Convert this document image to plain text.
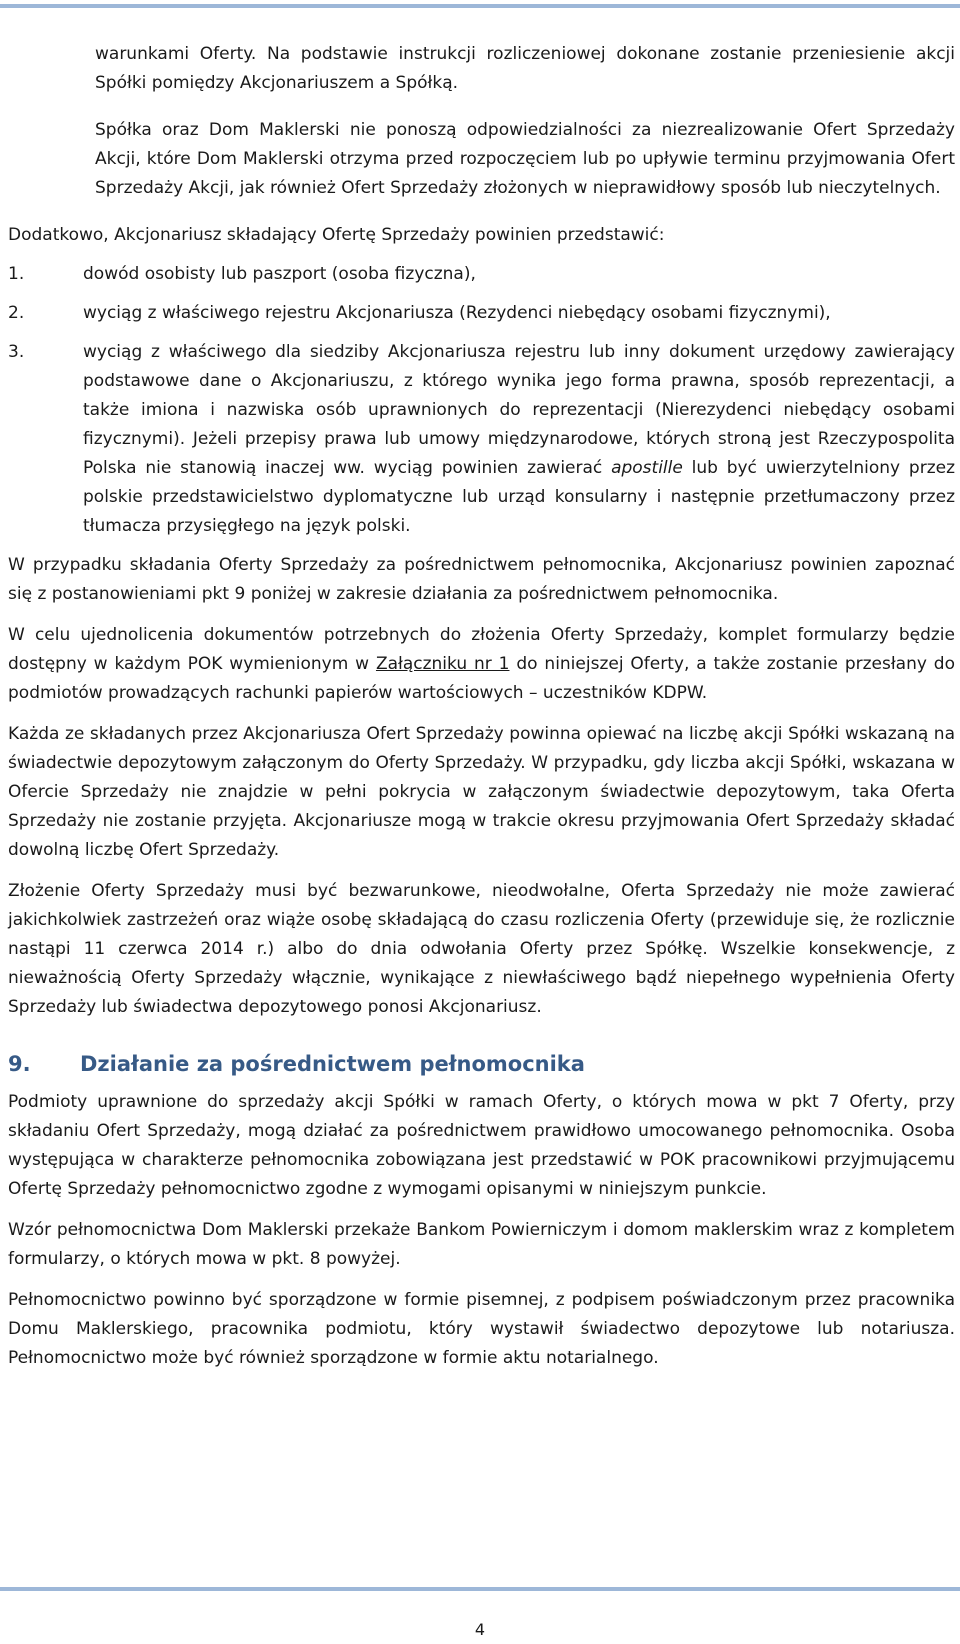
warunkami Oferty. Na podstawie instrukcji rozliczeniowej dokonane zostanie przeniesienie akcji Spółki pomiędzy Akcjonariuszem a Spółką.

Spółka oraz Dom Maklerski nie ponoszą odpowiedzialności za niezrealizowanie Ofert Sprzedaży Akcji, które Dom Maklerski otrzyma przed rozpoczęciem lub po upływie terminu przyjmowania Ofert Sprzedaży Akcji, jak również Ofert Sprzedaży złożonych w nieprawidłowy sposób lub nieczytelnych.

Dodatkowo, Akcjonariusz składający Ofertę Sprzedaży powinien przedstawić:

1.	dowód osobisty lub paszport (osoba fizyczna),
2.	wyciąg z właściwego rejestru Akcjonariusza (Rezydenci niebędący osobami fizycznymi),
3.	wyciąg z właściwego dla siedziby Akcjonariusza rejestru lub inny dokument urzędowy zawierający podstawowe dane o Akcjonariuszu, z którego wynika jego forma prawna, sposób reprezentacji, a także imiona i nazwiska osób uprawnionych do reprezentacji (Nierezydenci niebędący osobami fizycznymi). Jeżeli przepisy prawa lub umowy międzynarodowe, których stroną jest Rzeczypospolita Polska nie stanowią inaczej ww. wyciąg powinien zawierać apostille lub być uwierzytelniony przez polskie przedstawicielstwo dyplomatyczne lub urząd konsularny i następnie przetłumaczony przez tłumacza przysięgłego na język polski.

W przypadku składania Oferty Sprzedaży za pośrednictwem pełnomocnika, Akcjonariusz powinien zapoznać się z postanowieniami pkt 9 poniżej w zakresie działania za pośrednictwem pełnomocnika.

W celu ujednolicenia dokumentów potrzebnych do złożenia Oferty Sprzedaży, komplet formularzy będzie dostępny w każdym POK wymienionym w Załączniku nr 1 do niniejszej Oferty, a także zostanie przesłany do podmiotów prowadzących rachunki papierów wartościowych – uczestników KDPW.

Każda ze składanych przez Akcjonariusza Ofert Sprzedaży powinna opiewać na liczbę akcji Spółki wskazaną na świadectwie depozytowym załączonym do Oferty Sprzedaży. W przypadku, gdy liczba akcji Spółki, wskazana w Ofercie Sprzedaży nie znajdzie w pełni pokrycia w załączonym świadectwie depozytowym, taka Oferta Sprzedaży nie zostanie przyjęta. Akcjonariusze mogą w trakcie okresu przyjmowania Ofert Sprzedaży składać dowolną liczbę Ofert Sprzedaży.

Złożenie Oferty Sprzedaży musi być bezwarunkowe, nieodwołalne, Oferta Sprzedaży nie może zawierać jakichkolwiek zastrzeżeń oraz wiąże osobę składającą do czasu rozliczenia Oferty (przewiduje się, że rozlicznie nastąpi 11 czerwca 2014 r.) albo do dnia odwołania Oferty przez Spółkę. Wszelkie konsekwencje, z nieważnością Oferty Sprzedaży włącznie, wynikające z niewłaściwego bądź niepełnego wypełnienia Oferty Sprzedaży lub świadectwa depozytowego ponosi Akcjonariusz.

9.	Działanie za pośrednictwem pełnomocnika

Podmioty uprawnione do sprzedaży akcji Spółki w ramach Oferty, o których mowa w pkt 7 Oferty, przy składaniu Ofert Sprzedaży, mogą działać za pośrednictwem prawidłowo umocowanego pełnomocnika. Osoba występująca w charakterze pełnomocnika zobowiązana jest przedstawić w POK pracownikowi przyjmującemu Ofertę Sprzedaży pełnomocnictwo zgodne z wymogami opisanymi w niniejszym punkcie.

Wzór pełnomocnictwa Dom Maklerski przekaże Bankom Powierniczym i domom maklerskim wraz z kompletem formularzy, o których mowa w pkt. 8 powyżej.

Pełnomocnictwo powinno być sporządzone w formie pisemnej, z podpisem poświadczonym przez pracownika Domu Maklerskiego, pracownika podmiotu, który wystawił świadectwo depozytowe lub notariusza. Pełnomocnictwo może być również sporządzone w formie aktu notarialnego.

4
